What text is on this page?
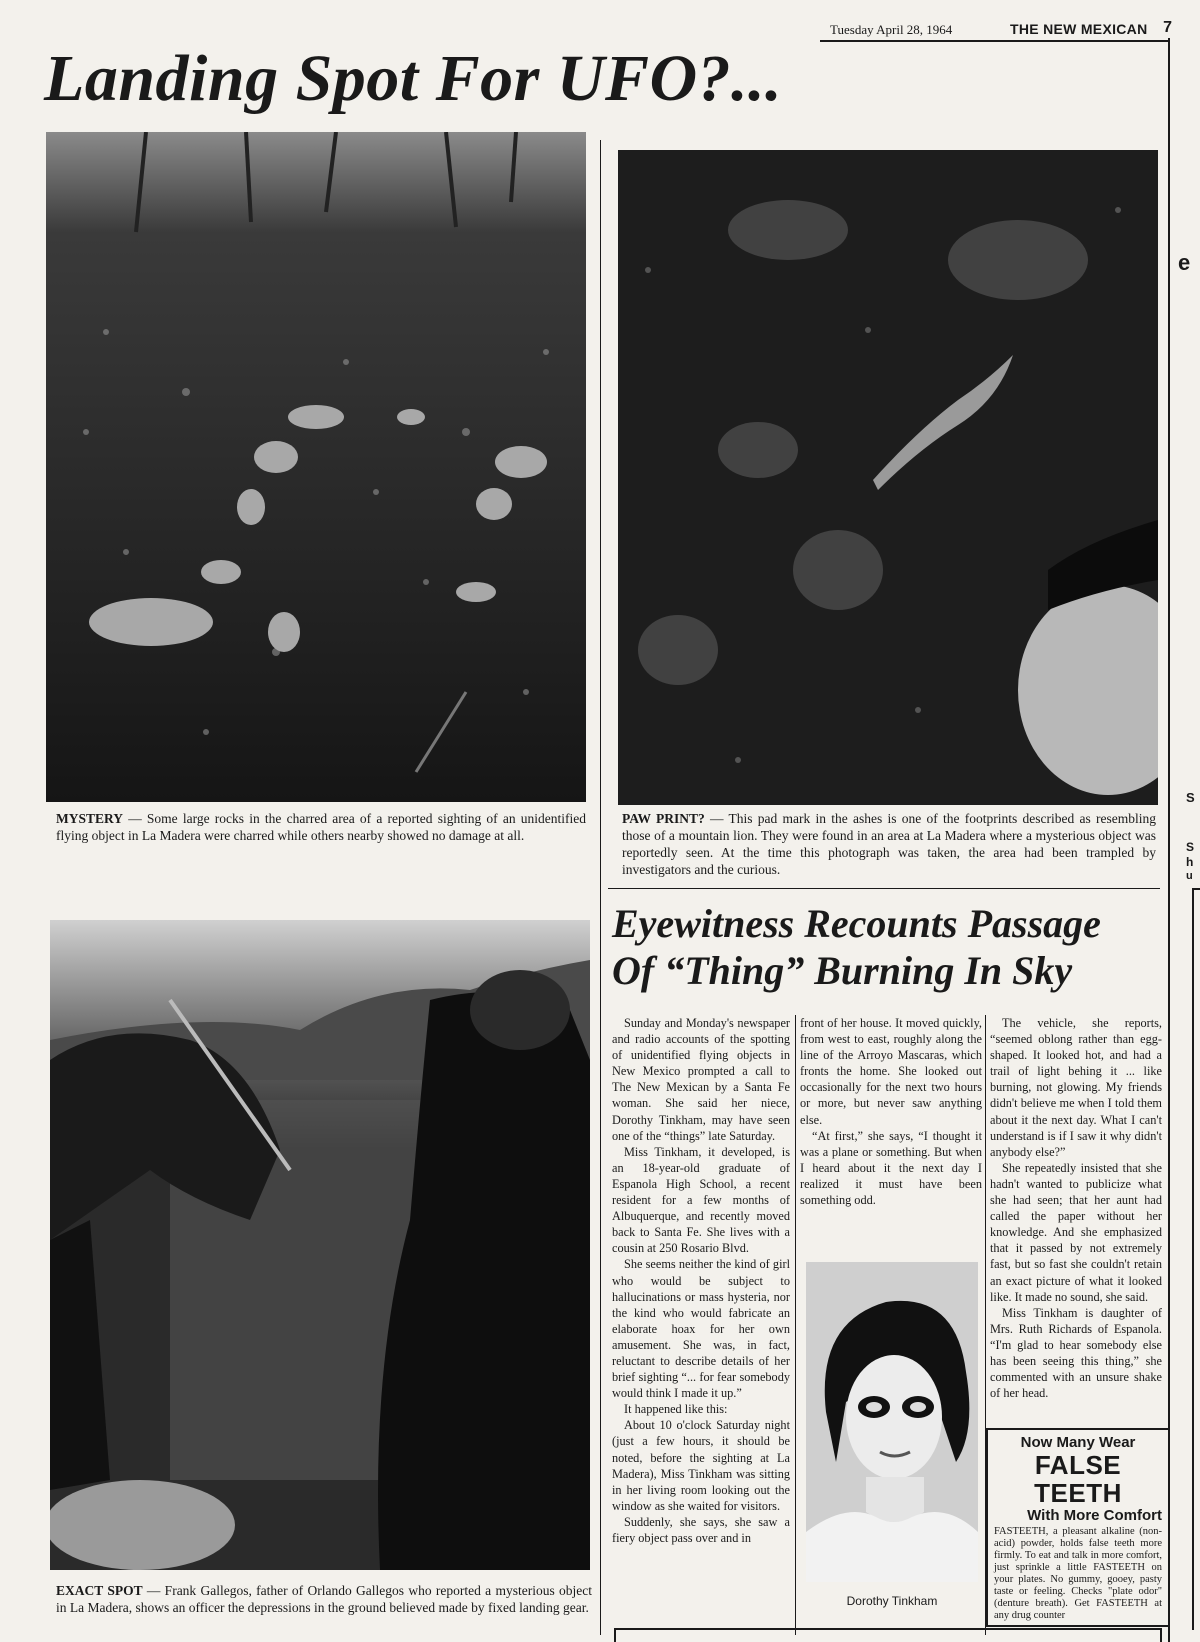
Tuesday April 28, 1964	THE NEW MEXICAN 7
Landing Spot For UFO?...
MYSTERY — Some large rocks in the charred area of a reported sighting of an unidentified flying object in La Madera were charred while others nearby showed no damage at all.
PAW PRINT? — This pad mark in the ashes is one of the footprints described as resembling those of a mountain lion. They were found in an area at La Madera where a mysterious object was reportedly seen. At the time this photograph was taken, the area had been trampled by investigators and the curious.
EXACT SPOT — Frank Gallegos, father of Orlando Gallegos who reported a mysterious object in La Madera, shows an officer the depressions in the ground believed made by fixed landing gear.
Eyewitness Recounts Passage
Of “Thing” Burning In Sky

Sunday and Monday's newspaper and radio accounts of the spotting of unidentified flying objects in New Mexico prompted a call to The New Mexican by a Santa Fe woman. She said her niece, Dorothy Tinkham, may have seen one of the “things” late Saturday.

Miss Tinkham, it developed, is an 18-year-old graduate of Espanola High School, a recent resident for a few months of Albuquerque, and recently moved back to Santa Fe. She lives with a cousin at 250 Rosario Blvd.

She seems neither the kind of girl who would be subject to hallucinations or mass hysteria, nor the kind who would fabricate an elaborate hoax for her own amusement. She was, in fact, reluctant to describe details of her brief sighting “... for fear somebody would think I made it up.”

It happened like this:

About 10 o'clock Saturday night (just a few hours, it should be noted, before the sighting at La Madera), Miss Tinkham was sitting in her living room looking out the window as she waited for visitors.

Suddenly, she says, she saw a fiery object pass over and in

front of her house. It moved quickly, from west to east, roughly along the line of the Arroyo Mascaras, which fronts the home. She looked out occasionally for the next two hours or more, but never saw anything else.

“At first,” she says, “I thought it was a plane or something. But when I heard about it the next day I realized it must have been something odd.

Dorothy Tinkham

The vehicle, she reports, “seemed oblong rather than egg-shaped. It looked hot, and had a trail of light behing it ... like burning, not glowing. My friends didn't believe me when I told them about it the next day. What I can't understand is if I saw it why didn't anybody else?”

She repeatedly insisted that she hadn't wanted to publicize what she had seen; that her aunt had called the paper without her knowledge. And she emphasized that it passed by not extremely fast, but so fast she couldn't retain an exact picture of what it looked like. It made no sound, she said.

Miss Tinkham is daughter of Mrs. Ruth Richards of Espanola. “I'm glad to hear somebody else has been seeing this thing,” she commented with an unsure shake of her head.

Now Many Wear
FALSE TEETH
With More Comfort
FASTEETH, a pleasant alkaline (non-acid) powder, holds false teeth more firmly. To eat and talk in more comfort, just sprinkle a little FASTEETH on your plates. No gummy, gooey, pasty taste or feeling. Checks "plate odor" (denture breath). Get FASTEETH at any drug counter
e
S
S
h
u
